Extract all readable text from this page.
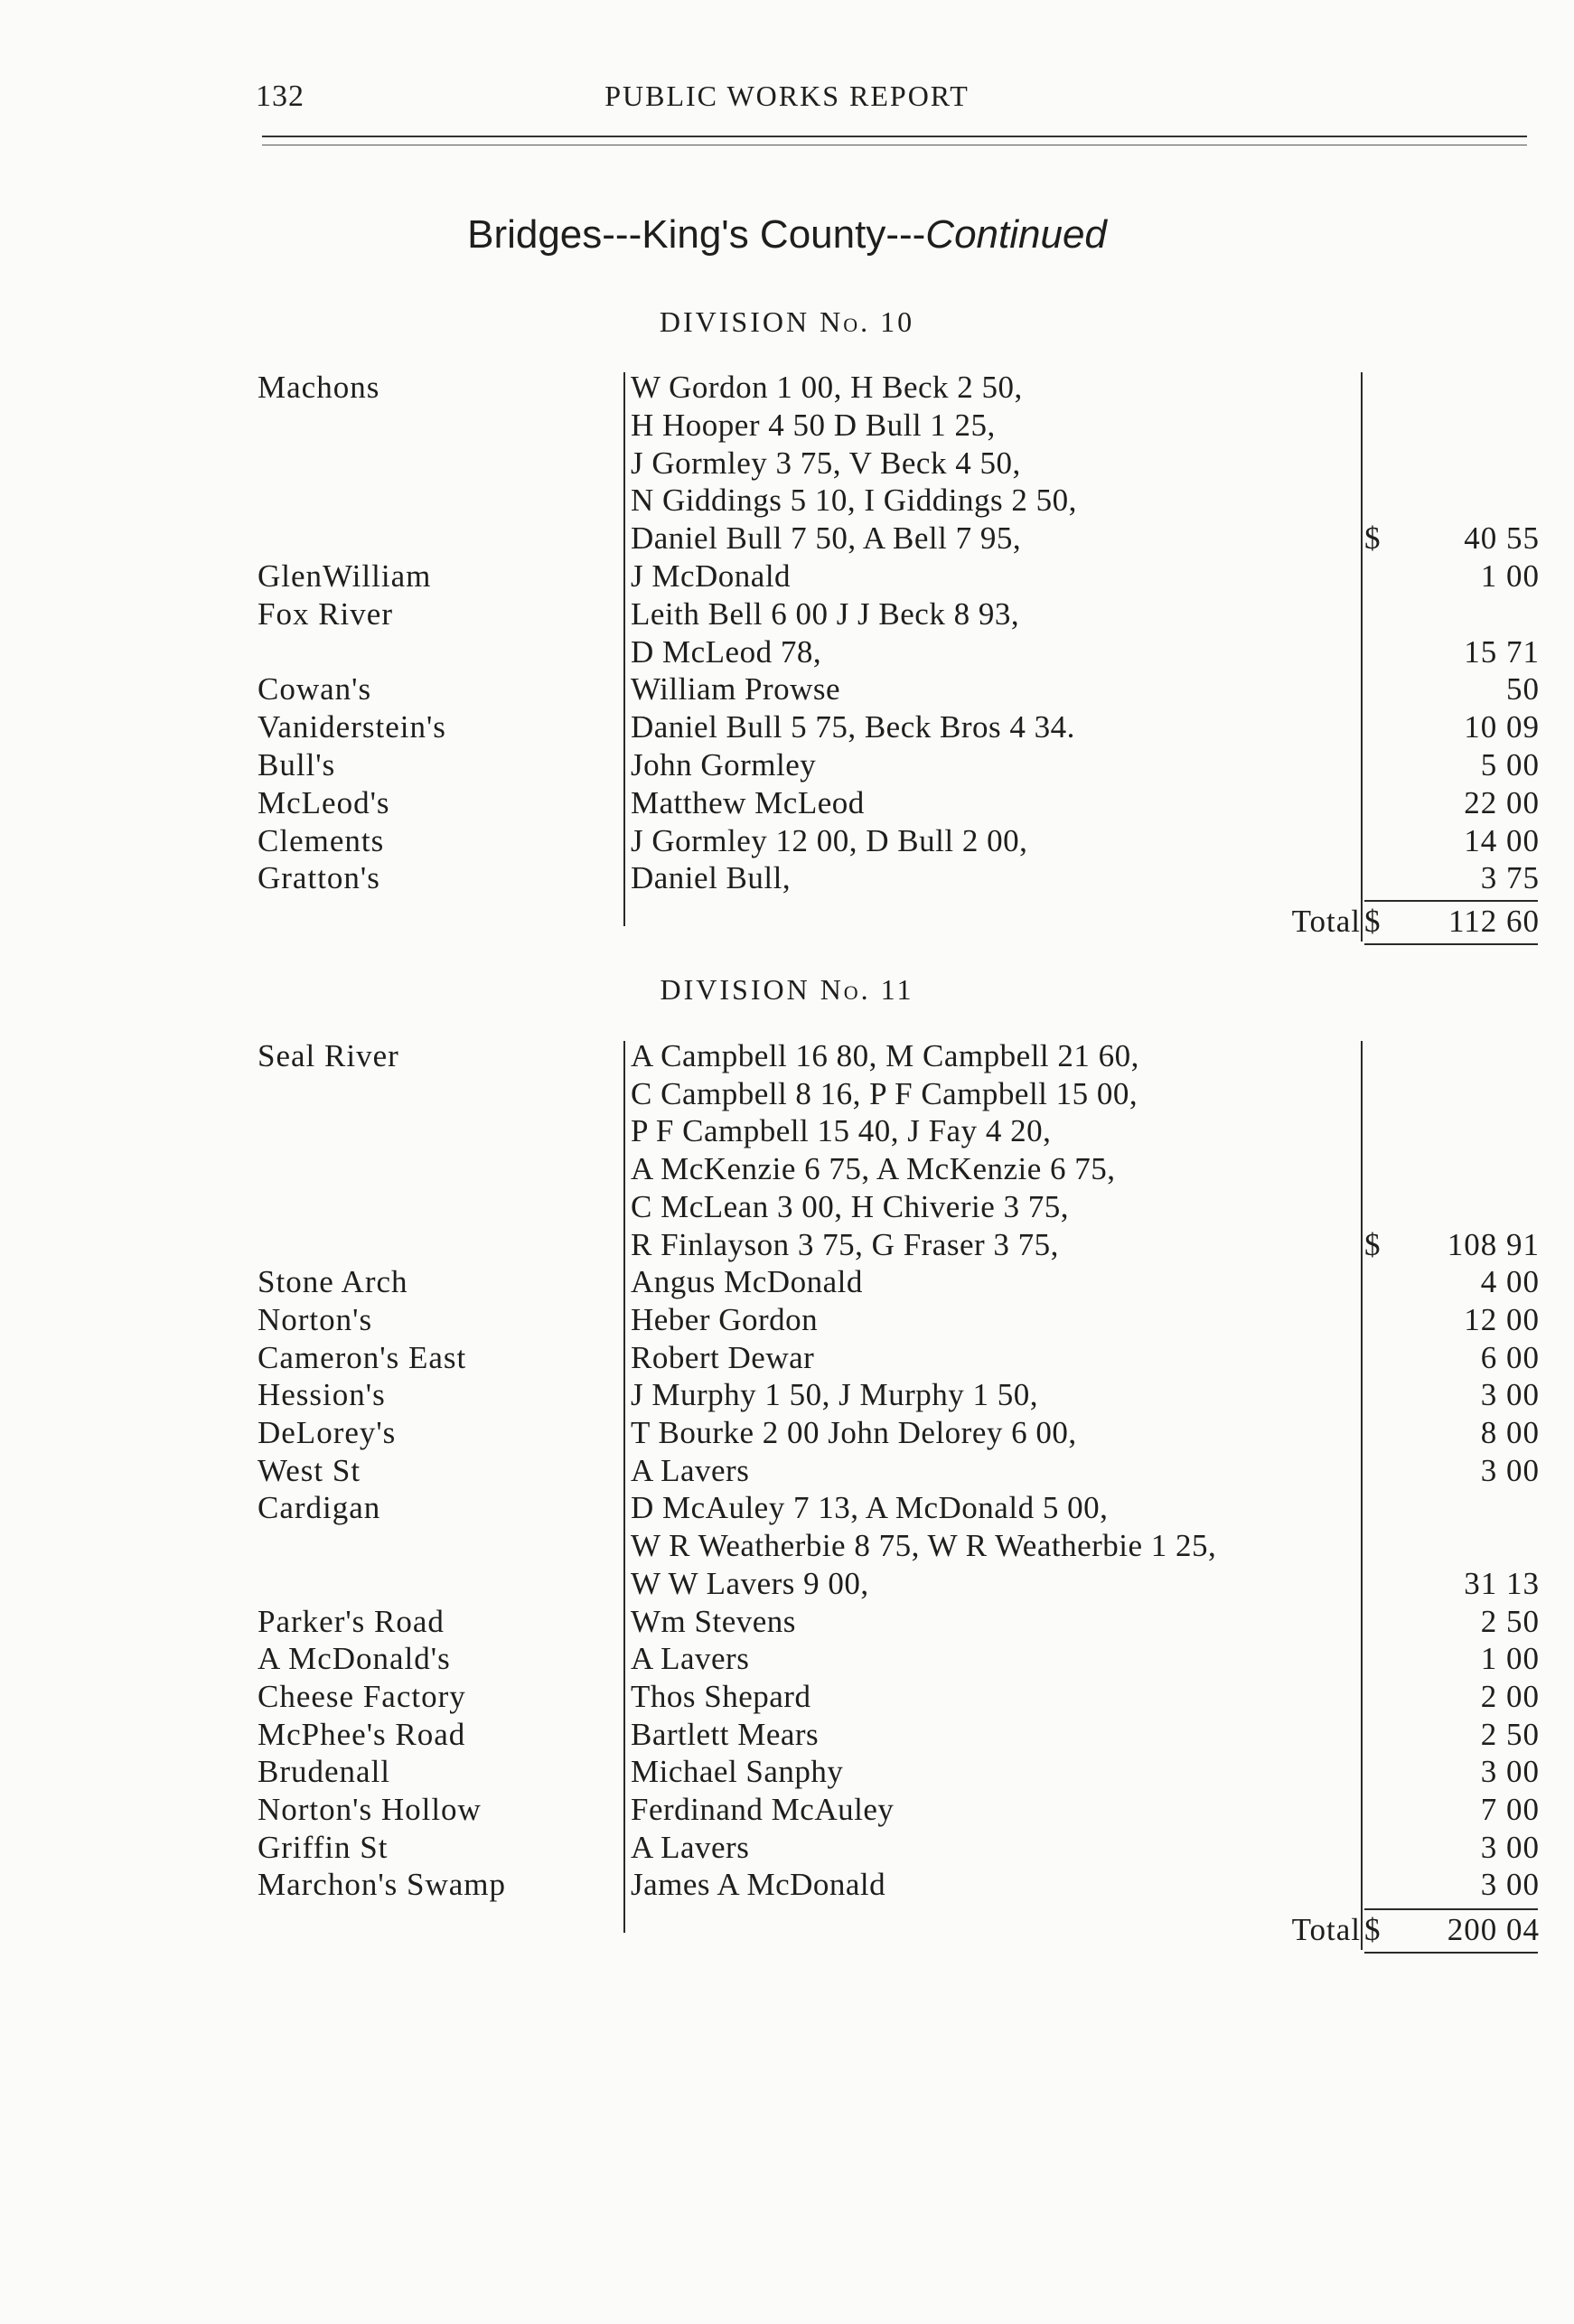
132	PUBLIC WORKS REPORT
Bridges---King's County---Continued
DIVISION No. 10
Machons	W Gordon 1 00, H Beck 2 50,
H Hooper 4 50 D Bull 1 25,
J Gormley 3 75, V Beck 4 50,
N Giddings 5 10, I Giddings 2 50,
Daniel Bull 7 50, A Bell 7 95,	$	40 55
GlenWilliam	J McDonald	1 00
Fox River	Leith Bell 6 00 J J Beck 8 93,
D McLeod 78,	15 71
Cowan's	William Prowse	50
Vaniderstein's	Daniel Bull 5 75, Beck Bros 4 34.	10 09
Bull's	John Gormley	5 00
McLeod's	Matthew McLeod	22 00
Clements	J Gormley 12 00, D Bull 2 00,	14 00
Gratton's	Daniel Bull,	3 75
Total $ 112 60
DIVISION No. 11
Seal River	A Campbell 16 80, M Campbell 21 60,
C Campbell 8 16, P F Campbell 15 00,
P F Campbell 15 40, J Fay 4 20,
A McKenzie 6 75, A McKenzie 6 75,
C McLean 3 00, H Chiverie 3 75,
R Finlayson 3 75, G Fraser 3 75,	$ 108 91
Stone Arch	Angus McDonald	4 00
Norton's	Heber Gordon	12 00
Cameron's East	Robert Dewar	6 00
Hession's	J Murphy 1 50, J Murphy 1 50,	3 00
DeLorey's	T Bourke 2 00 John Delorey 6 00,	8 00
West St	A Lavers	3 00
Cardigan	D McAuley 7 13, A McDonald 5 00,
W R Weatherbie 8 75, W R Weatherbie 1 25,
W W Lavers 9 00,	31 13
Parker's Road	Wm Stevens	2 50
A McDonald's	A Lavers	1 00
Cheese Factory	Thos Shepard	2 00
McPhee's Road	Bartlett Mears	2 50
Brudenall	Michael Sanphy	3 00
Norton's Hollow	Ferdinand McAuley	7 00
Griffin St	A Lavers	3 00
Marchon's Swamp	James A McDonald	3 00
Total $ 200 04
